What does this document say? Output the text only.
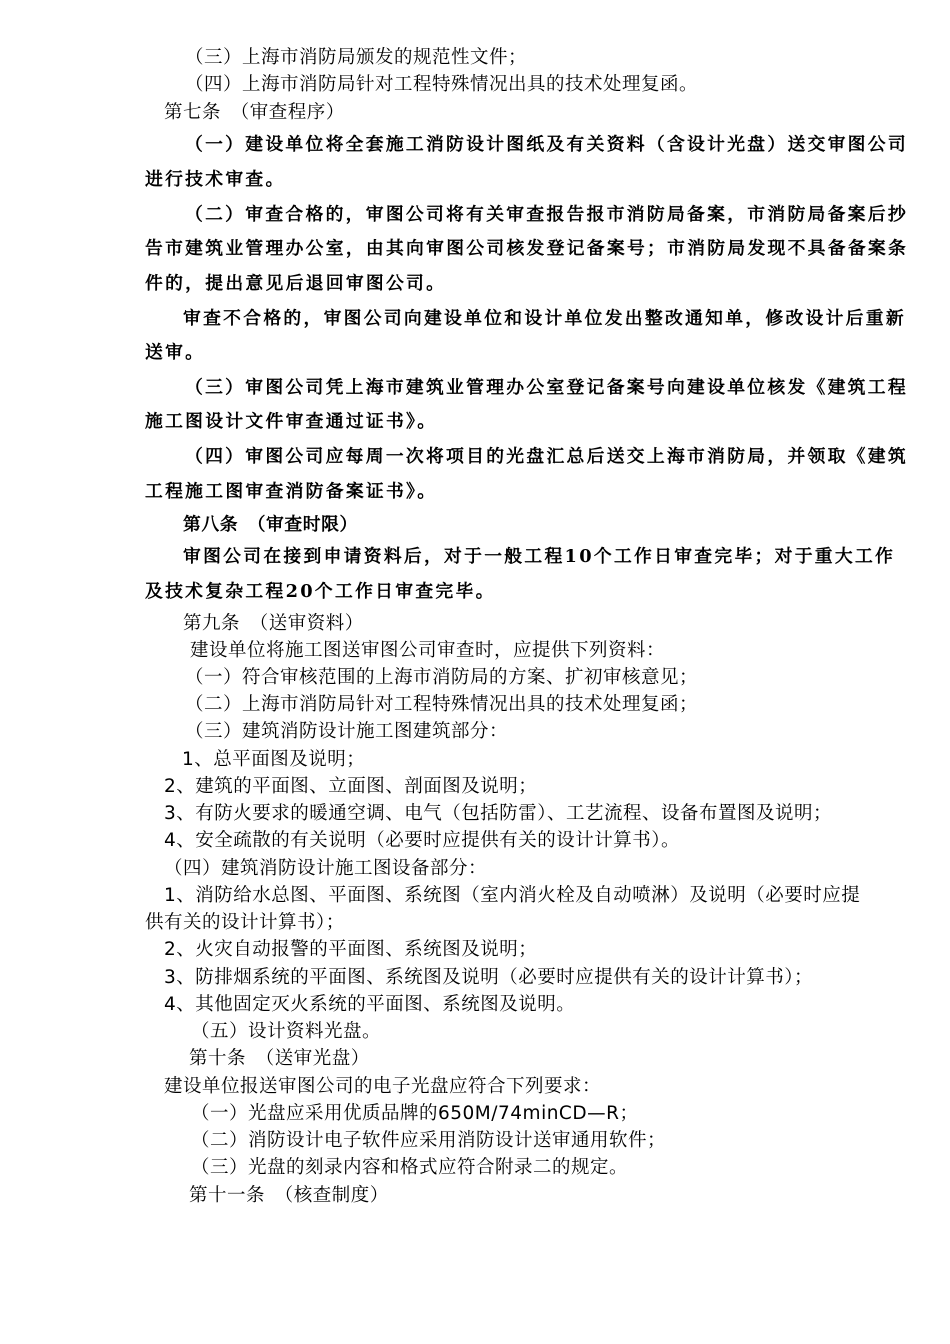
（三）上海市消防局颁发的规范性文件；
（四）上海市消防局针对工程特殊情况出具的技术处理复函。
第七条　（审查程序）
（一）建设单位将全套施工消防设计图纸及有关资料（含设计光盘）送交审图公司
进行技术审查。
（二）审查合格的，审图公司将有关审查报告报市消防局备案，市消防局备案后抄
告市建筑业管理办公室，由其向审图公司核发登记备案号；市消防局发现不具备备案条
件的，提出意见后退回审图公司。
审查不合格的，审图公司向建设单位和设计单位发出整改通知单，修改设计后重新
送审。
（三）审图公司凭上海市建筑业管理办公室登记备案号向建设单位核发《建筑工程
施工图设计文件审查通过证书》。
（四）审图公司应每周一次将项目的光盘汇总后送交上海市消防局，并领取《建筑
工程施工图审查消防备案证书》。
第八条　（审查时限）
审图公司在接到申请资料后，对于一般工程10个工作日审查完毕；对于重大工作
及技术复杂工程20个工作日审查完毕。
第九条　（送审资料）
建设单位将施工图送审图公司审查时，应提供下列资料：
（一）符合审核范围的上海市消防局的方案、扩初审核意见；
（二）上海市消防局针对工程特殊情况出具的技术处理复函；
（三）建筑消防设计施工图建筑部分：
1、总平面图及说明；
2、建筑的平面图、立面图、剖面图及说明；
3、有防火要求的暖通空调、电气（包括防雷）、工艺流程、设备布置图及说明；
4、安全疏散的有关说明（必要时应提供有关的设计计算书）。
（四）建筑消防设计施工图设备部分：
1、消防给水总图、平面图、系统图（室内消火栓及自动喷淋）及说明（必要时应提
供有关的设计计算书）；
2、火灾自动报警的平面图、系统图及说明；
3、防排烟系统的平面图、系统图及说明（必要时应提供有关的设计计算书）；
4、其他固定灭火系统的平面图、系统图及说明。
（五）设计资料光盘。
第十条　（送审光盘）
建设单位报送审图公司的电子光盘应符合下列要求：
（一）光盘应采用优质品牌的650M/74minCD—R；
（二）消防设计电子软件应采用消防设计送审通用软件；
（三）光盘的刻录内容和格式应符合附录二的规定。
第十一条　（核查制度）
